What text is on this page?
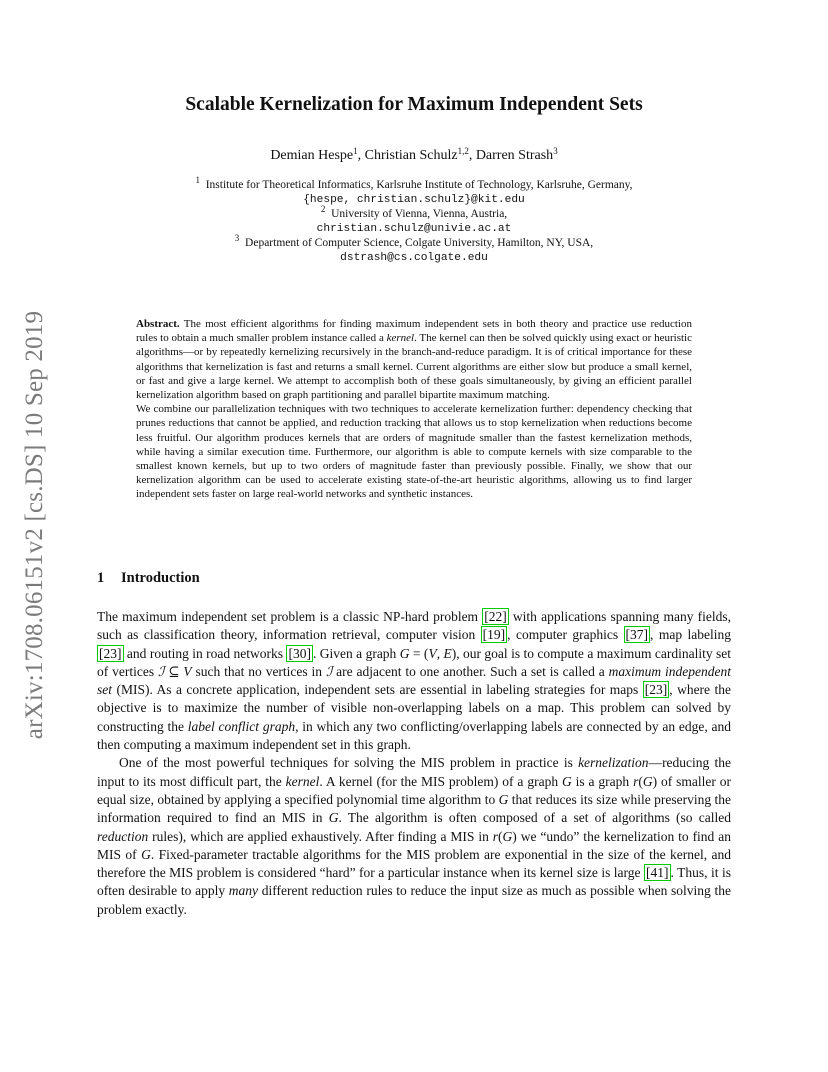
arXiv:1708.06151v2 [cs.DS] 10 Sep 2019
Scalable Kernelization for Maximum Independent Sets
Demian Hespe$^1$, Christian Schulz$^{1,2}$, Darren Strash$^3$
$^1$ Institute for Theoretical Informatics, Karlsruhe Institute of Technology, Karlsruhe, Germany,
{hespe, christian.schulz}@kit.edu
$^2$ University of Vienna, Vienna, Austria,
christian.schulz@univie.ac.at
$^3$ Department of Computer Science, Colgate University, Hamilton, NY, USA,
dstrash@cs.colgate.edu

Abstract. The most efficient algorithms for finding maximum independent sets in both theory and practice use reduction rules to obtain a much smaller problem instance called a kernel. The kernel can then be solved quickly using exact or heuristic algorithms—or by repeatedly kernelizing recursively in the branch-and-reduce paradigm. It is of critical importance for these algorithms that kernelization is fast and returns a small kernel. Current algorithms are either slow but produce a small kernel, or fast and give a large kernel. We attempt to accomplish both of these goals simultaneously, by giving an efficient parallel kernelization algorithm based on graph partitioning and parallel bipartite maximum matching.

We combine our parallelization techniques with two techniques to accelerate kernelization further: dependency checking that prunes reductions that cannot be applied, and reduction tracking that allows us to stop kernelization when reductions become less fruitful. Our algorithm produces kernels that are orders of magnitude smaller than the fastest kernelization methods, while having a similar execution time. Furthermore, our algorithm is able to compute kernels with size comparable to the smallest known kernels, but up to two orders of magnitude faster than previously possible. Finally, we show that our kernelization algorithm can be used to accelerate existing state-of-the-art heuristic algorithms, allowing us to find larger independent sets faster on large real-world networks and synthetic instances.

1 Introduction

The maximum independent set problem is a classic NP-hard problem [22] with applications spanning many fields, such as classification theory, information retrieval, computer vision [19] , computer graphics [37] , map labeling [23] and routing in road networks [30] . Given a graph G = (V, E), our goal is to compute a maximum cardinality set of vertices ℐ ⊆ V such that no vertices in ℐ are adjacent to one another. Such a set is called a maximum independent set (MIS). As a concrete application, independent sets are essential in labeling strategies for maps [23] , where the objective is to maximize the number of visible non-overlapping labels on a map. This problem can solved by constructing the label conflict graph, in which any two conflicting/overlapping labels are connected by an edge, and then computing a maximum independent set in this graph.

One of the most powerful techniques for solving the MIS problem in practice is kernelization—reducing the input to its most difficult part, the kernel. A kernel (for the MIS problem) of a graph G is a graph r(G) of smaller or equal size, obtained by applying a specified polynomial time algorithm to G that reduces its size while preserving the information required to find an MIS in G. The algorithm is often composed of a set of algorithms (so called reduction rules), which are applied exhaustively. After finding a MIS in r(G) we “undo” the kernelization to find an MIS of G. Fixed-parameter tractable algorithms for the MIS problem are exponential in the size of the kernel, and therefore the MIS problem is considered “hard” for a particular instance when its kernel size is large [41] . Thus, it is often desirable to apply many different reduction rules to reduce the input size as much as possible when solving the problem exactly.
